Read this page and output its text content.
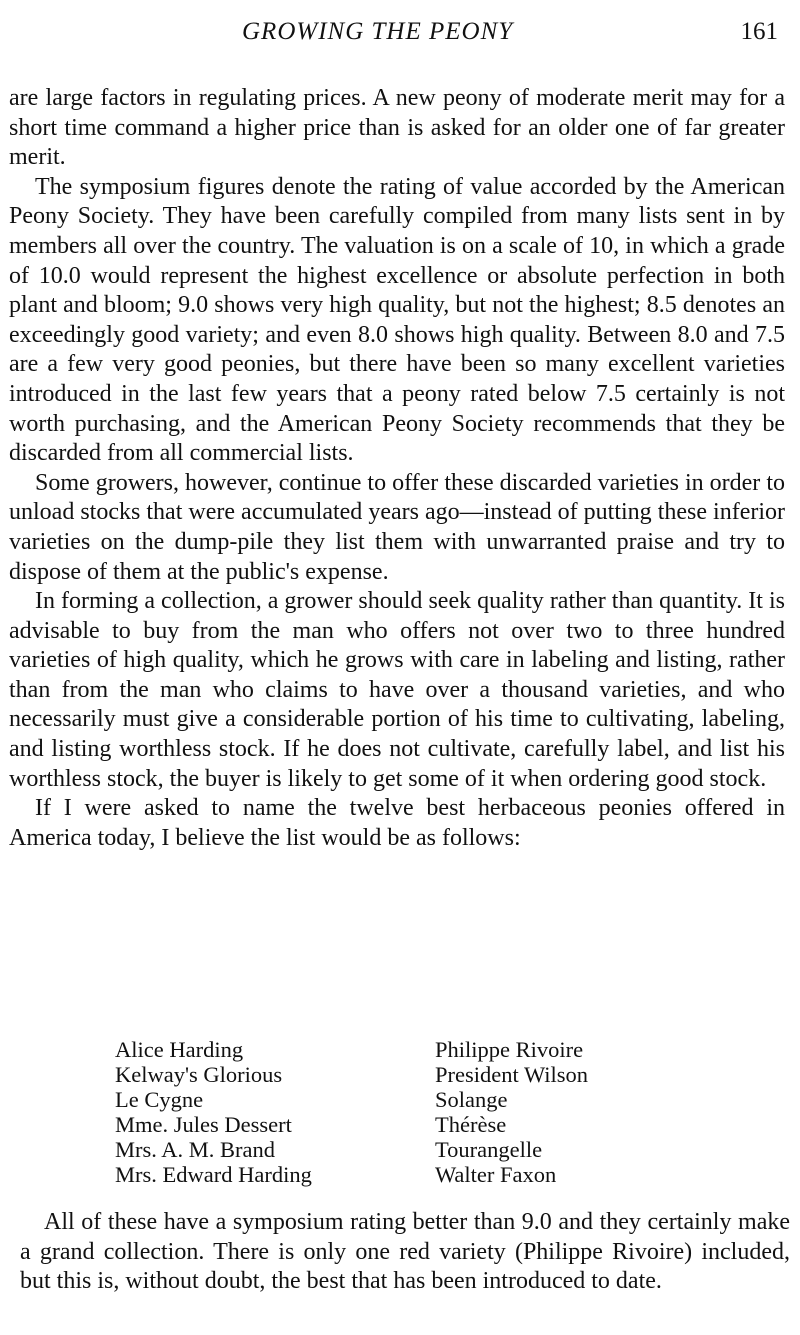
GROWING THE PEONY	161

are large factors in regulating prices. A new peony of moderate merit may for a short time command a higher price than is asked for an older one of far greater merit.

The symposium figures denote the rating of value accorded by the American Peony Society. They have been carefully compiled from many lists sent in by members all over the country. The valuation is on a scale of 10, in which a grade of 10.0 would represent the highest excellence or absolute perfection in both plant and bloom; 9.0 shows very high quality, but not the highest; 8.5 denotes an exceedingly good variety; and even 8.0 shows high quality. Between 8.0 and 7.5 are a few very good peonies, but there have been so many excellent varieties introduced in the last few years that a peony rated below 7.5 certainly is not worth purchasing, and the American Peony Society recommends that they be discarded from all commercial lists.

Some growers, however, continue to offer these discarded varieties in order to unload stocks that were accumulated years ago—instead of putting these inferior varieties on the dump-pile they list them with unwarranted praise and try to dispose of them at the public's expense.

In forming a collection, a grower should seek quality rather than quantity. It is advisable to buy from the man who offers not over two to three hundred varieties of high quality, which he grows with care in labeling and listing, rather than from the man who claims to have over a thousand varieties, and who necessarily must give a considerable portion of his time to cultivating, labeling, and listing worthless stock. If he does not cultivate, carefully label, and list his worthless stock, the buyer is likely to get some of it when ordering good stock.

If I were asked to name the twelve best herbaceous peonies offered in America today, I believe the list would be as follows:

Alice Harding
Kelway's Glorious
Le Cygne
Mme. Jules Dessert
Mrs. A. M. Brand
Mrs. Edward Harding
Philippe Rivoire
President Wilson
Solange
Thérèse
Tourangelle
Walter Faxon

All of these have a symposium rating better than 9.0 and they certainly make a grand collection. There is only one red variety (Philippe Rivoire) included, but this is, without doubt, the best that has been introduced to date.
